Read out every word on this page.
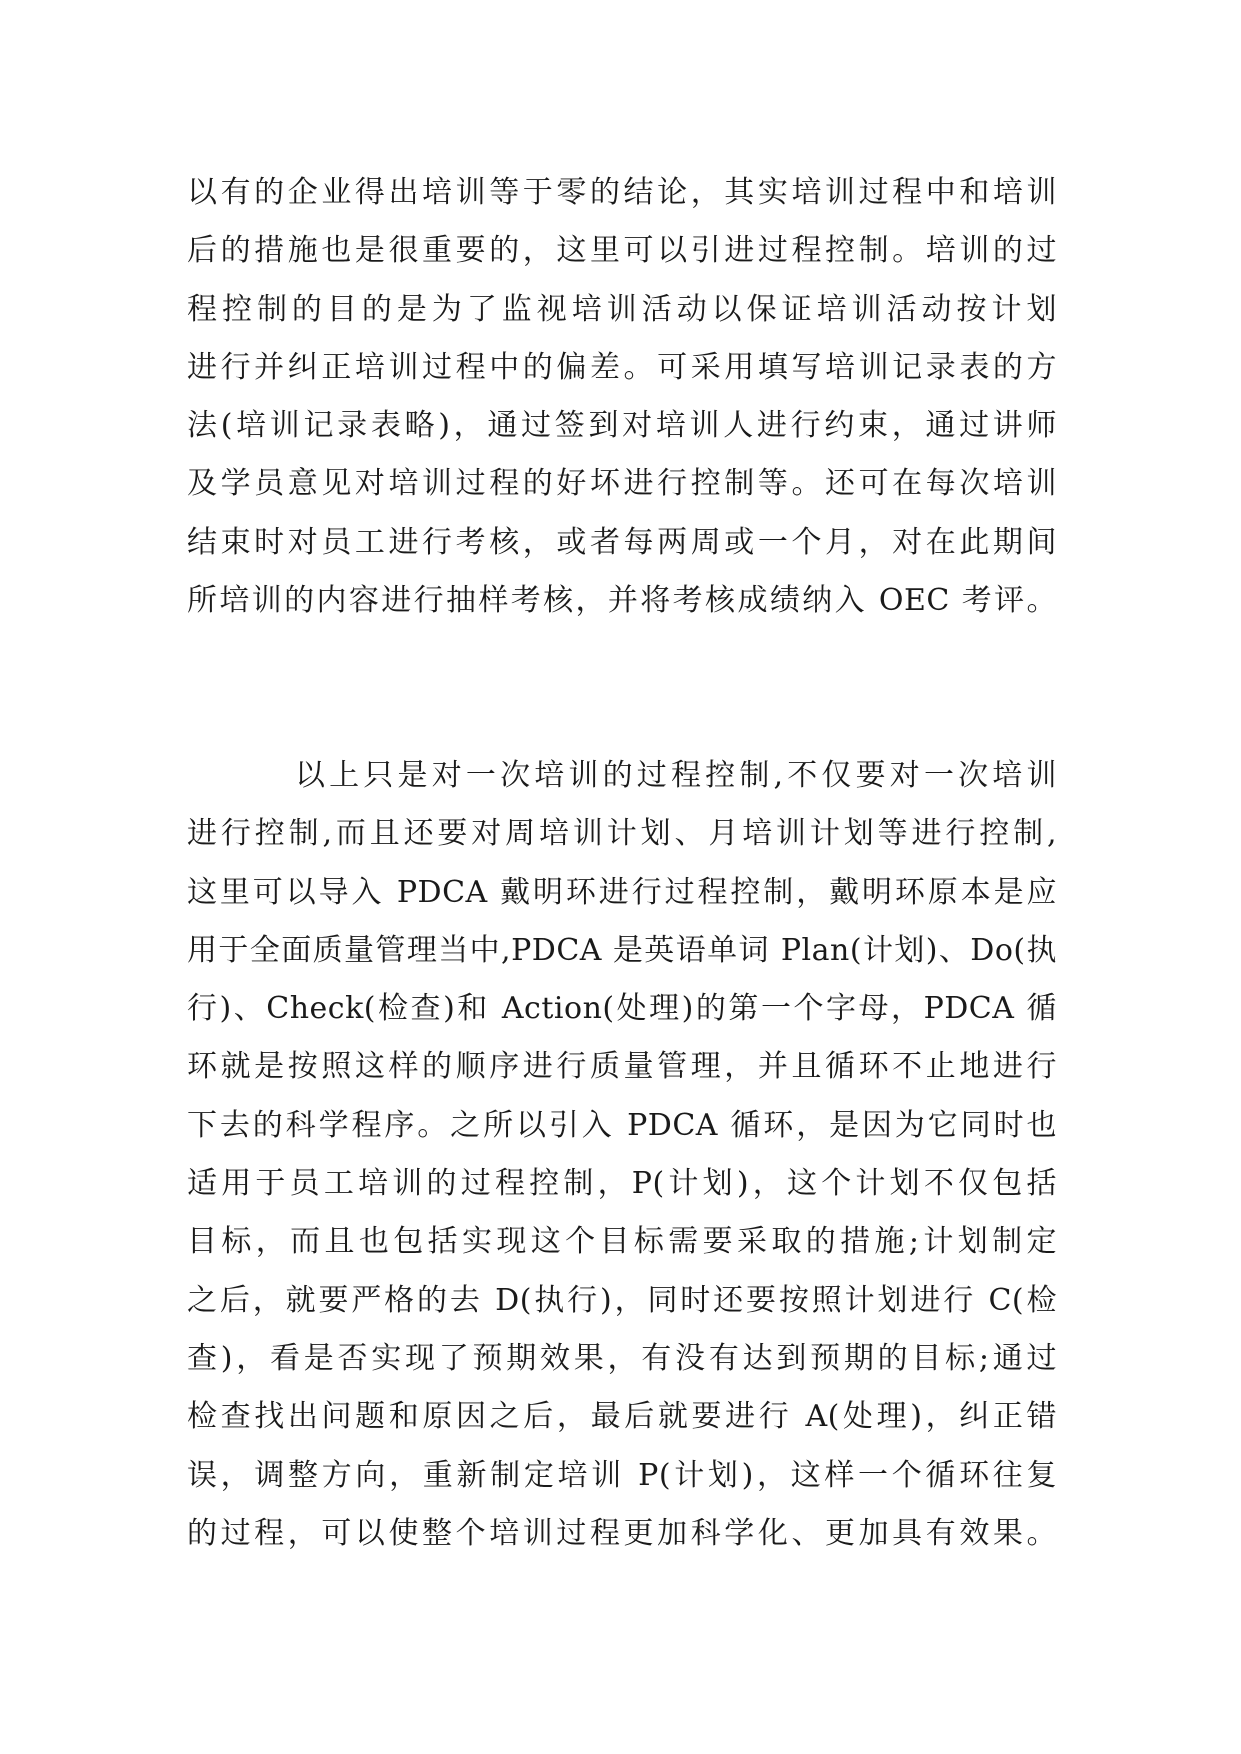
以有的企业得出培训等于零的结论，其实培训过程中和培训
后的措施也是很重要的，这里可以引进过程控制。培训的过
程控制的目的是为了监视培训活动以保证培训活动按计划
进行并纠正培训过程中的偏差。可采用填写培训记录表的方
法(培训记录表略)，通过签到对培训人进行约束，通过讲师
及学员意见对培训过程的好坏进行控制等。还可在每次培训
结束时对员工进行考核，或者每两周或一个月，对在此期间
所培训的内容进行抽样考核，并将考核成绩纳入 OEC 考评。
以上只是对一次培训的过程控制,不仅要对一次培训
进行控制,而且还要对周培训计划、月培训计划等进行控制,
这里可以导入 PDCA 戴明环进行过程控制，戴明环原本是应
用于全面质量管理当中,PDCA 是英语单词 Plan(计划)、Do(执
行)、Check(检查)和 Action(处理)的第一个字母，PDCA 循
环就是按照这样的顺序进行质量管理，并且循环不止地进行
下去的科学程序。之所以引入 PDCA 循环，是因为它同时也
适用于员工培训的过程控制，P(计划)，这个计划不仅包括
目标，而且也包括实现这个目标需要采取的措施;计划制定
之后，就要严格的去 D(执行)，同时还要按照计划进行 C(检
查)，看是否实现了预期效果，有没有达到预期的目标;通过
检查找出问题和原因之后，最后就要进行 A(处理)，纠正错
误，调整方向，重新制定培训 P(计划)，这样一个循环往复
的过程，可以使整个培训过程更加科学化、更加具有效果。
